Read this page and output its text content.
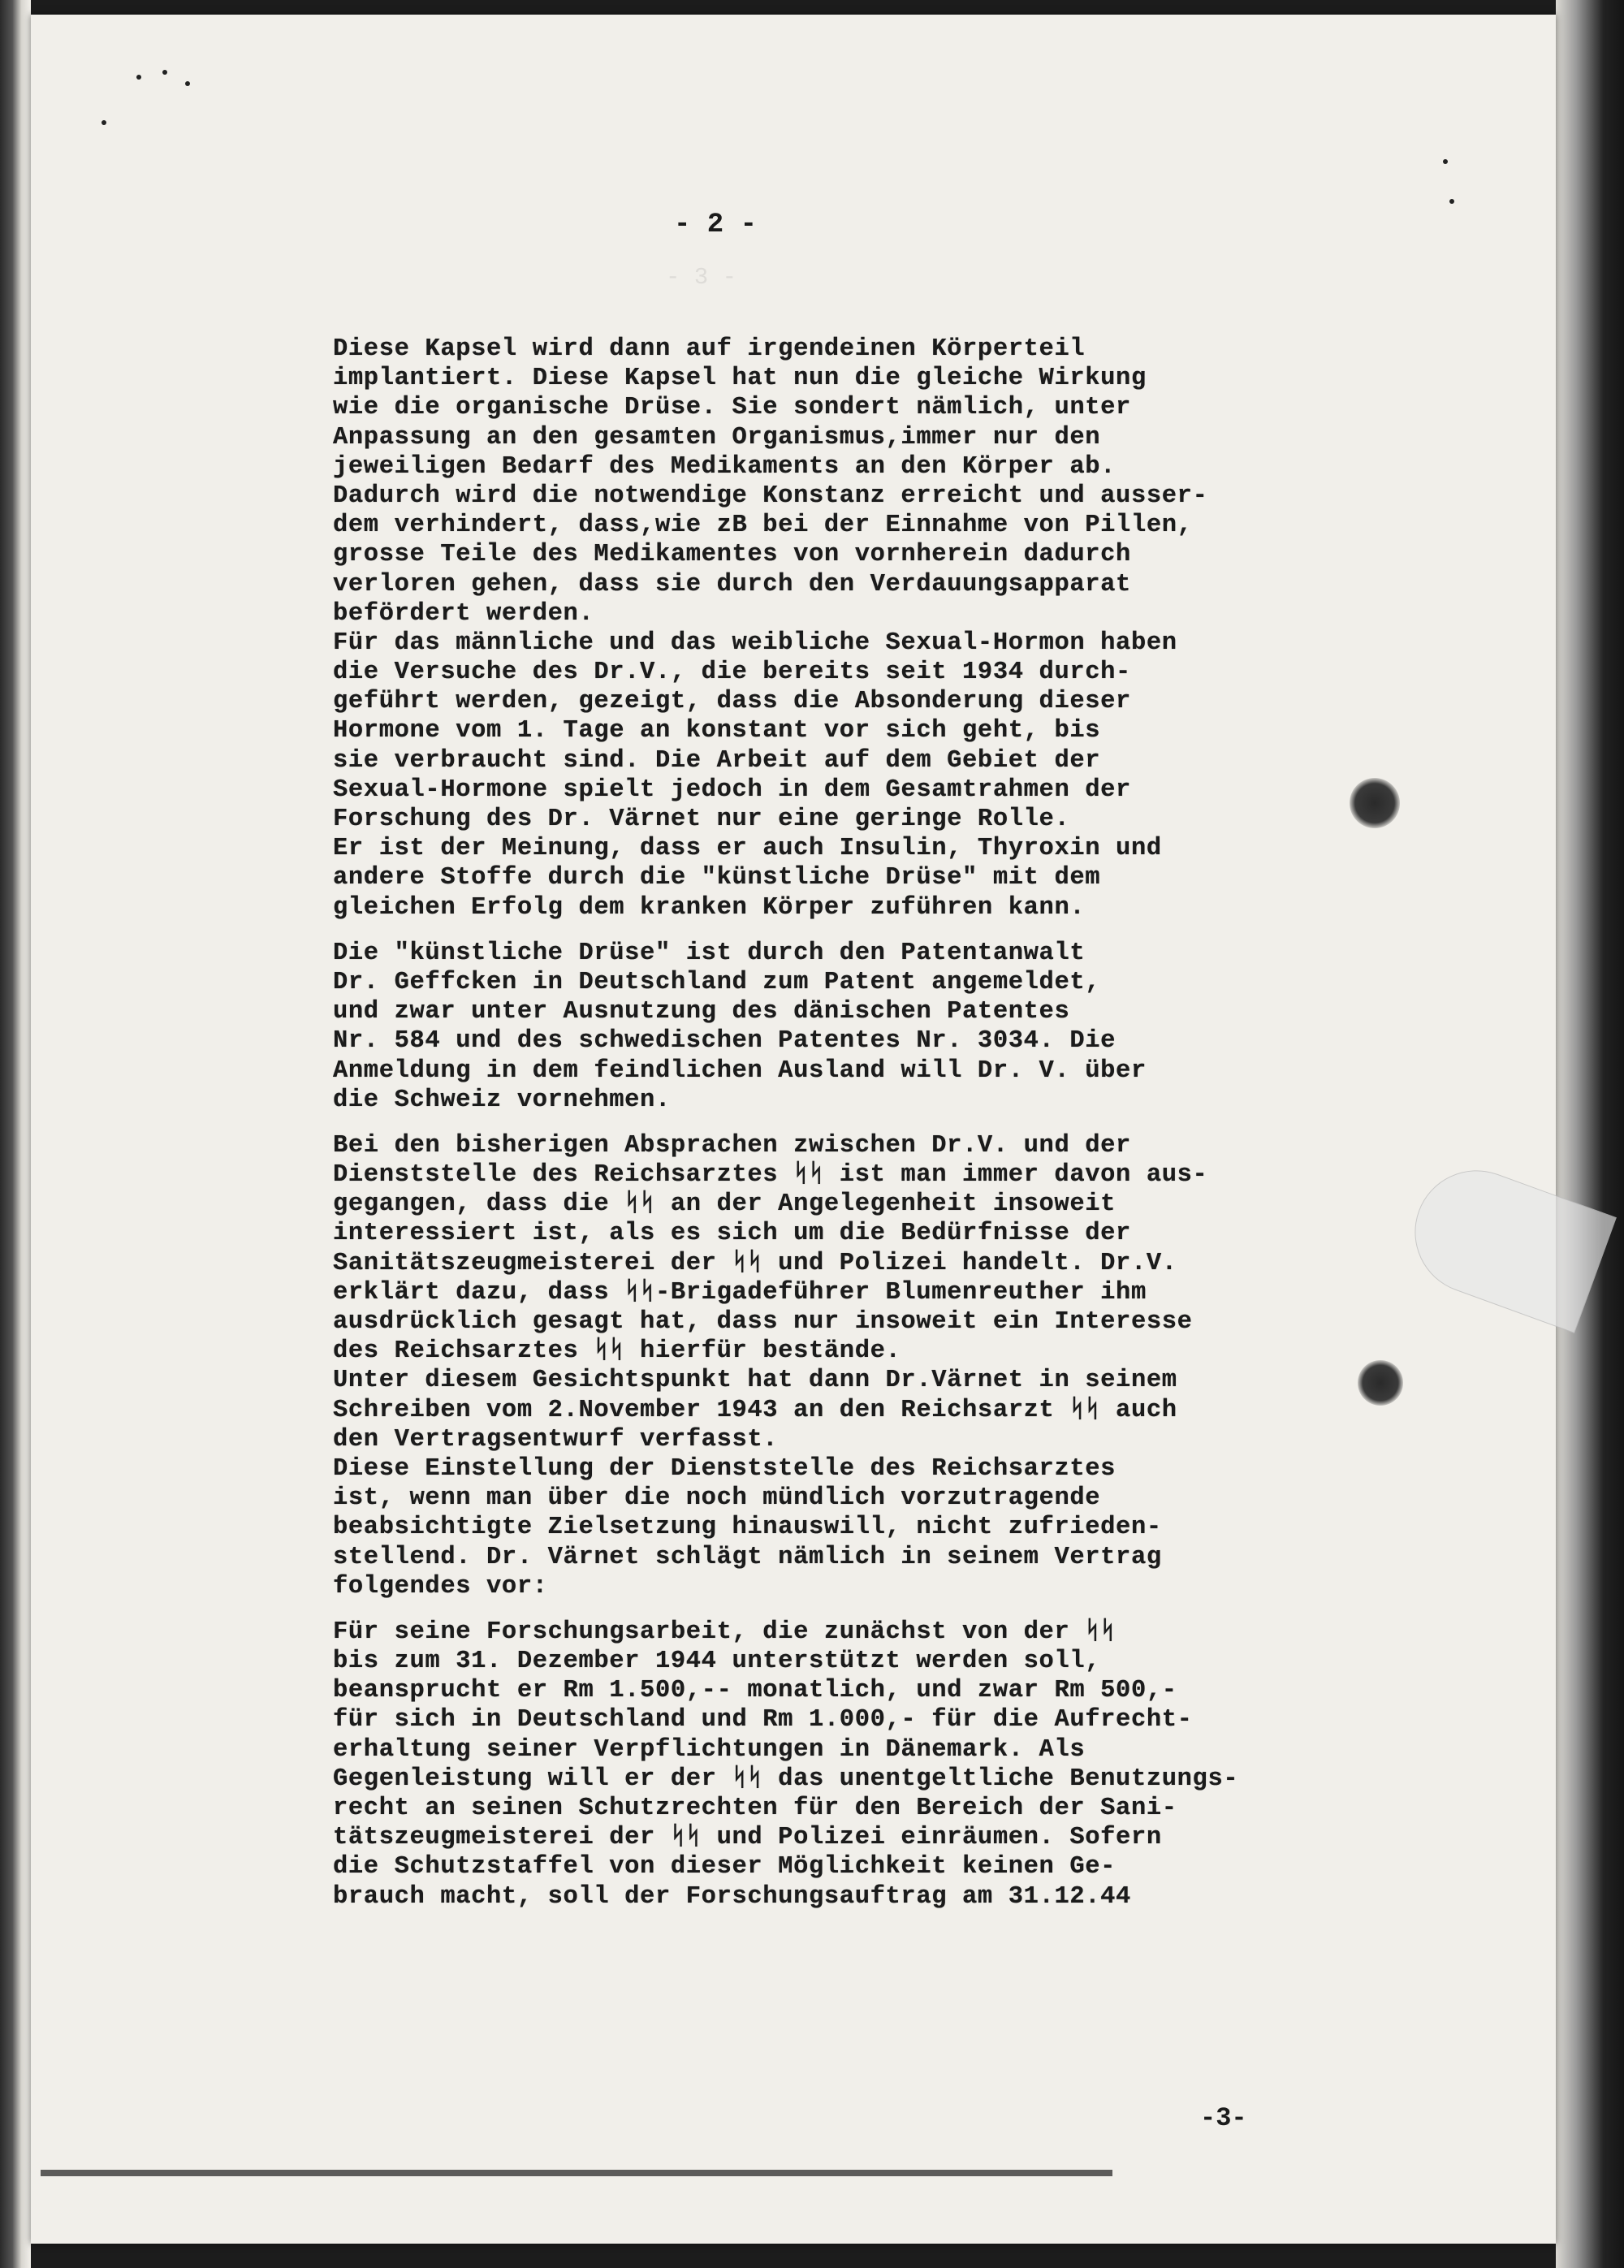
- 3 -
- 2 -
Diese Kapsel wird dann auf irgendeinen Körperteil
implantiert. Diese Kapsel hat nun die gleiche Wirkung
wie die organische Drüse. Sie sondert nämlich, unter
Anpassung an den gesamten Organismus,immer nur den
jeweiligen Bedarf des Medikaments an den Körper ab.
Dadurch wird die notwendige Konstanz erreicht und ausser-
dem verhindert, dass,wie zB bei der Einnahme von Pillen,
grosse Teile des Medikamentes von vornherein dadurch
verloren gehen, dass sie durch den Verdauungsapparat
befördert werden.
Für das männliche und das weibliche Sexual-Hormon haben
die Versuche des Dr.V., die bereits seit 1934 durch-
geführt werden, gezeigt, dass die Absonderung dieser
Hormone vom 1. Tage an konstant vor sich geht, bis
sie verbraucht sind. Die Arbeit auf dem Gebiet der
Sexual-Hormone spielt jedoch in dem Gesamtrahmen der
Forschung des Dr. Värnet nur eine geringe Rolle.
Er ist der Meinung, dass er auch Insulin, Thyroxin und
andere Stoffe durch die "künstliche Drüse" mit dem
gleichen Erfolg dem kranken Körper zuführen kann.
Die "künstliche Drüse" ist durch den Patentanwalt
Dr. Geffcken in Deutschland zum Patent angemeldet,
und zwar unter Ausnutzung des dänischen Patentes
Nr. 584 und des schwedischen Patentes Nr. 3034. Die
Anmeldung in dem feindlichen Ausland will Dr. V. über
die Schweiz vornehmen.
Bei den bisherigen Absprachen zwischen Dr.V. und der
Dienststelle des Reichsarztes ᛋᛋ ist man immer davon aus-
gegangen, dass die ᛋᛋ an der Angelegenheit insoweit
interessiert ist, als es sich um die Bedürfnisse der
Sanitätszeugmeisterei der ᛋᛋ und Polizei handelt. Dr.V.
erklärt dazu, dass ᛋᛋ-Brigadeführer Blumenreuther ihm
ausdrücklich gesagt hat, dass nur insoweit ein Interesse
des Reichsarztes ᛋᛋ hierfür bestände.
Unter diesem Gesichtspunkt hat dann Dr.Värnet in seinem
Schreiben vom 2.November 1943 an den Reichsarzt ᛋᛋ auch
den Vertragsentwurf verfasst.
Diese Einstellung der Dienststelle des Reichsarztes
ist, wenn man über die noch mündlich vorzutragende
beabsichtigte Zielsetzung hinauswill, nicht zufrieden-
stellend. Dr. Värnet schlägt nämlich in seinem Vertrag
folgendes vor:
Für seine Forschungsarbeit, die zunächst von der ᛋᛋ
bis zum 31. Dezember 1944 unterstützt werden soll,
beansprucht er Rm 1.500,-- monatlich, und zwar Rm 500,-
für sich in Deutschland und Rm 1.000,- für die Aufrecht-
erhaltung seiner Verpflichtungen in Dänemark. Als
Gegenleistung will er der ᛋᛋ das unentgeltliche Benutzungs-
recht an seinen Schutzrechten für den Bereich der Sani-
tätszeugmeisterei der ᛋᛋ und Polizei einräumen. Sofern
die Schutzstaffel von dieser Möglichkeit keinen Ge-
brauch macht, soll der Forschungsauftrag am 31.12.44
-3-
